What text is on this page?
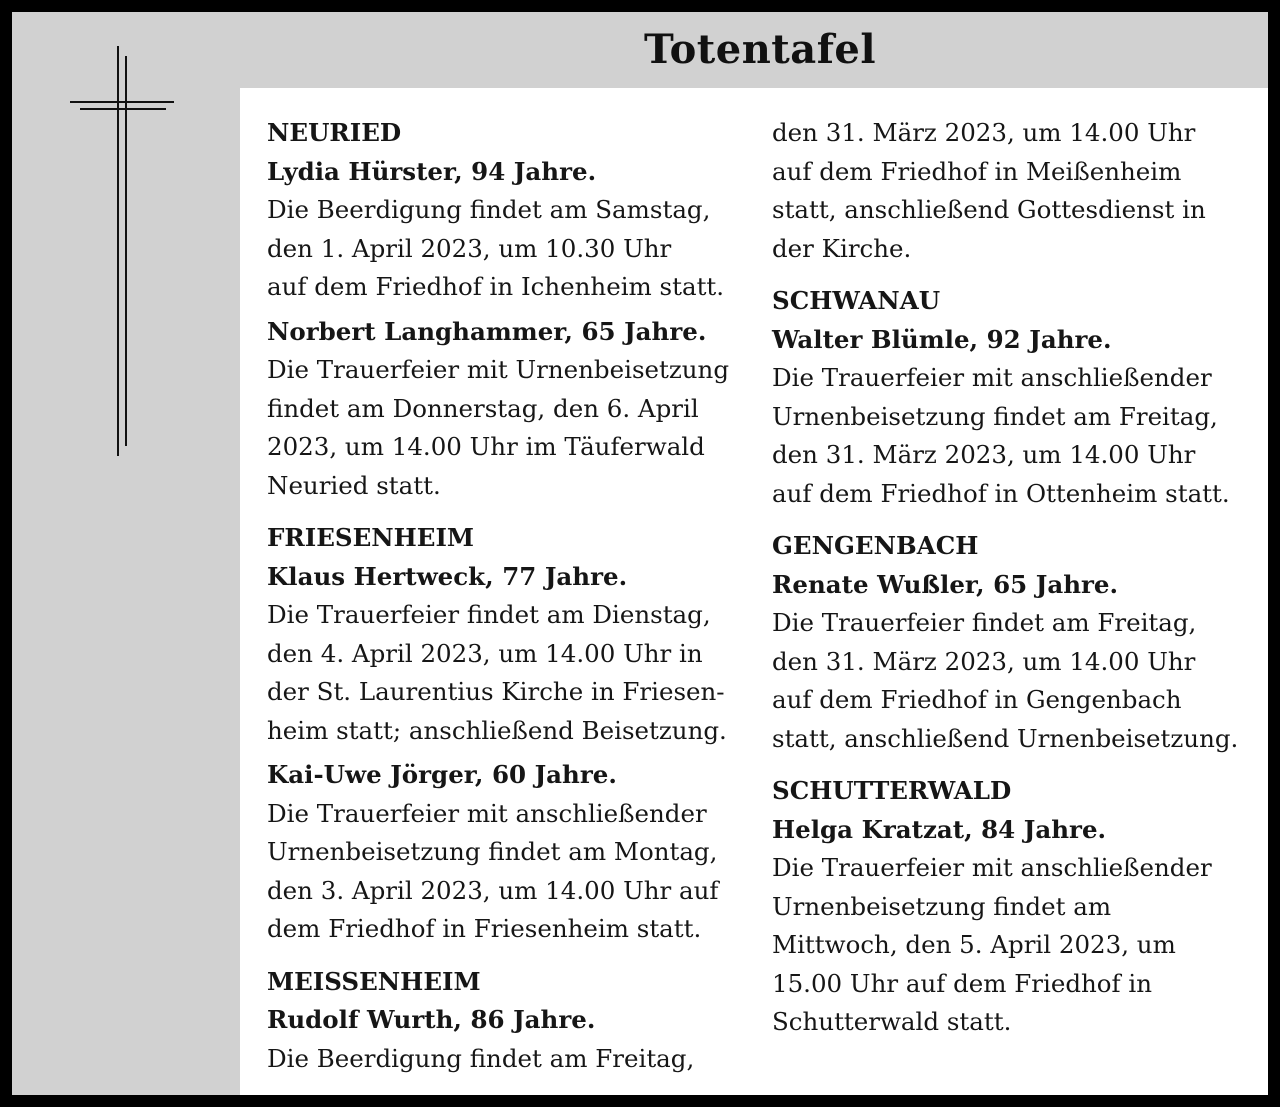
Totentafel

NEURIED

Lydia Hürster, 94 Jahre.

Die Beerdigung findet am Samstag,

den 1. April 2023, um 10.30 Uhr

auf dem Friedhof in Ichenheim statt.

Norbert Langhammer, 65 Jahre.

Die Trauerfeier mit Urnenbeisetzung

findet am Donnerstag, den 6. April

2023, um 14.00 Uhr im Täuferwald

Neuried statt.

FRIESENHEIM

Klaus Hertweck, 77 Jahre.

Die Trauerfeier findet am Dienstag,

den 4. April 2023, um 14.00 Uhr in

der St. Laurentius Kirche in Friesen-

heim statt; anschließend Beisetzung.

Kai-Uwe Jörger, 60 Jahre.

Die Trauerfeier mit anschließender

Urnenbeisetzung findet am Montag,

den 3. April 2023, um 14.00 Uhr auf

dem Friedhof in Friesenheim statt.

MEISSENHEIM

Rudolf Wurth, 86 Jahre.

Die Beerdigung findet am Freitag,

den 31. März 2023, um 14.00 Uhr

auf dem Friedhof in Meißenheim

statt, anschließend Gottesdienst in

der Kirche.

SCHWANAU

Walter Blümle, 92 Jahre.

Die Trauerfeier mit anschließender

Urnenbeisetzung findet am Freitag,

den 31. März 2023, um 14.00 Uhr

auf dem Friedhof in Ottenheim statt.

GENGENBACH

Renate Wußler, 65 Jahre.

Die Trauerfeier findet am Freitag,

den 31. März 2023, um 14.00 Uhr

auf dem Friedhof in Gengenbach

statt, anschließend Urnenbeisetzung.

SCHUTTERWALD

Helga Kratzat, 84 Jahre.

Die Trauerfeier mit anschließender

Urnenbeisetzung findet am

Mittwoch, den 5. April 2023, um

15.00 Uhr auf dem Friedhof in

Schutterwald statt.
